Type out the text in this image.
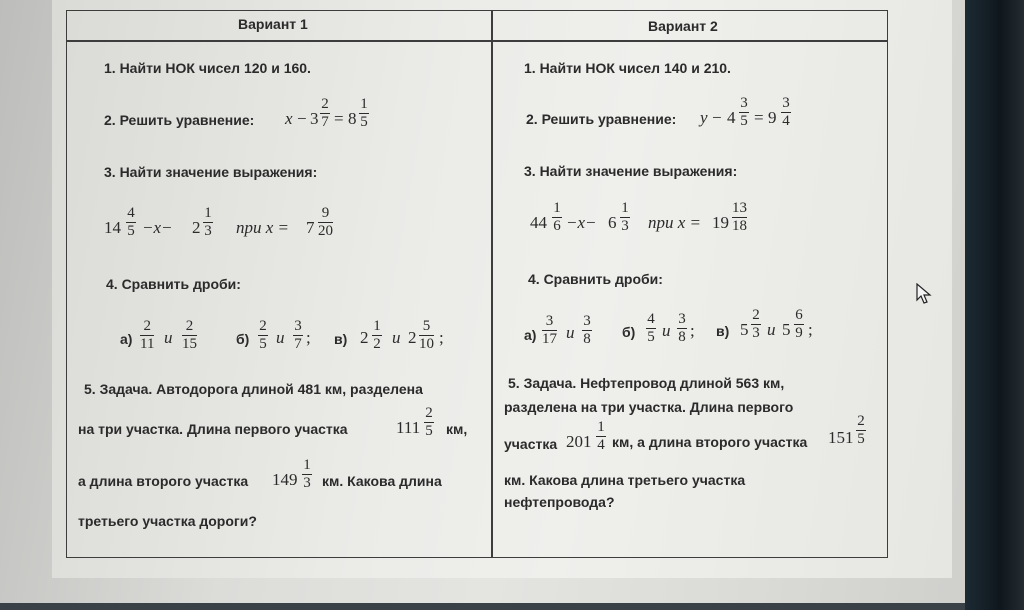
Вариант 1
1. Найти НОК чисел 120 и 160.
2. Решить уравнение: x − 3
2
7 = 8
1
5
3. Найти значение выражения:
14
4
5 −x− 2
1
3 при x = 7
9
20
4. Сравнить дроби:
а)
2
11 и
2
15	б)
2
5 и
3
7 ; в) 2
1
2 и 2
5
10 ;
5. Задача. Автодорога длиной 481 км, разделена
на три участка. Длина первого участка	111
2
5 км,
а длина второго участка 149
1
3 км. Какова длина
третьего участка дороги?
Вариант 2
1. Найти НОК чисел 140 и 210.
2. Решить уравнение: y − 4
3
5 = 9
3
4
3. Найти значение выражения:
44
1
6 −x− 6
1
3 при x = 19
13
18
4. Сравнить дроби:
а)
3
17 и
3
8 б)
4
5 и
3
8 ; в) 5
2
3 и 5
6
9 ;
5. Задача. Нефтепровод длиной 563 км,
разделена на три участка. Длина первого
участка 201
1
4 км, а длина второго участка 151
2
5
км. Какова длина третьего участка
нефтепровода?
